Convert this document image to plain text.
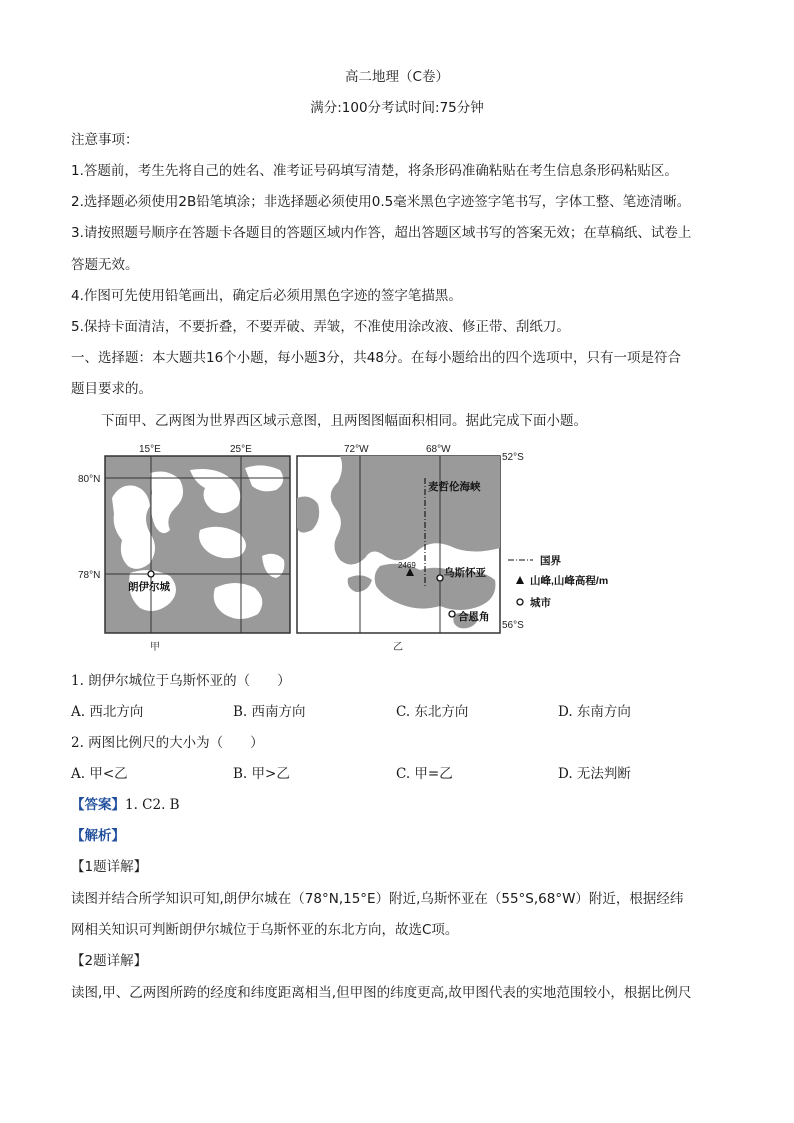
高二地理（C卷）
满分:100分考试时间:75分钟
注意事项：
1.答题前，考生先将自己的姓名、准考证号码填写清楚，将条形码准确粘贴在考生信息条形码粘贴区。
2.选择题必须使用2B铅笔填涂；非选择题必须使用0.5毫米黑色字迹签字笔书写，字体工整、笔迹清晰。
3.请按照题号顺序在答题卡各题目的答题区域内作答，超出答题区域书写的答案无效；在草稿纸、试卷上
答题无效。
4.作图可先使用铅笔画出，确定后必须用黑色字迹的签字笔描黑。
5.保持卡面清洁，不要折叠，不要弄破、弄皱，不准使用涂改液、修正带、刮纸刀。
一、选择题：本大题共16个小题，每小题3分，共48分。在每小题给出的四个选项中，只有一项是符合
题目要求的。
下面甲、乙两图为世界西区域示意图，且两图图幅面积相同。据此完成下面小题。
15°E	25°E
80°N
78°N
朗伊尔城
甲
72°W	68°W
52°S
56°S
麦哲伦海峡
2469
乌斯怀亚
合恩角
乙
国界
山峰,山峰高程/m
城市
1. 朗伊尔城位于乌斯怀亚的（　　）
A. 西北方向	B. 西南方向	C. 东北方向	D. 东南方向
2. 两图比例尺的大小为（　　）
A. 甲<乙	B. 甲>乙	C. 甲=乙	D. 无法判断
【答案】1. C2. B
【解析】
【1题详解】
读图并结合所学知识可知,朗伊尔城在（78°N,15°E）附近,乌斯怀亚在（55°S,68°W）附近，根据经纬
网相关知识可判断朗伊尔城位于乌斯怀亚的东北方向，故选C项。
【2题详解】
读图,甲、乙两图所跨的经度和纬度距离相当,但甲图的纬度更高,故甲图代表的实地范围较小，根据比例尺
